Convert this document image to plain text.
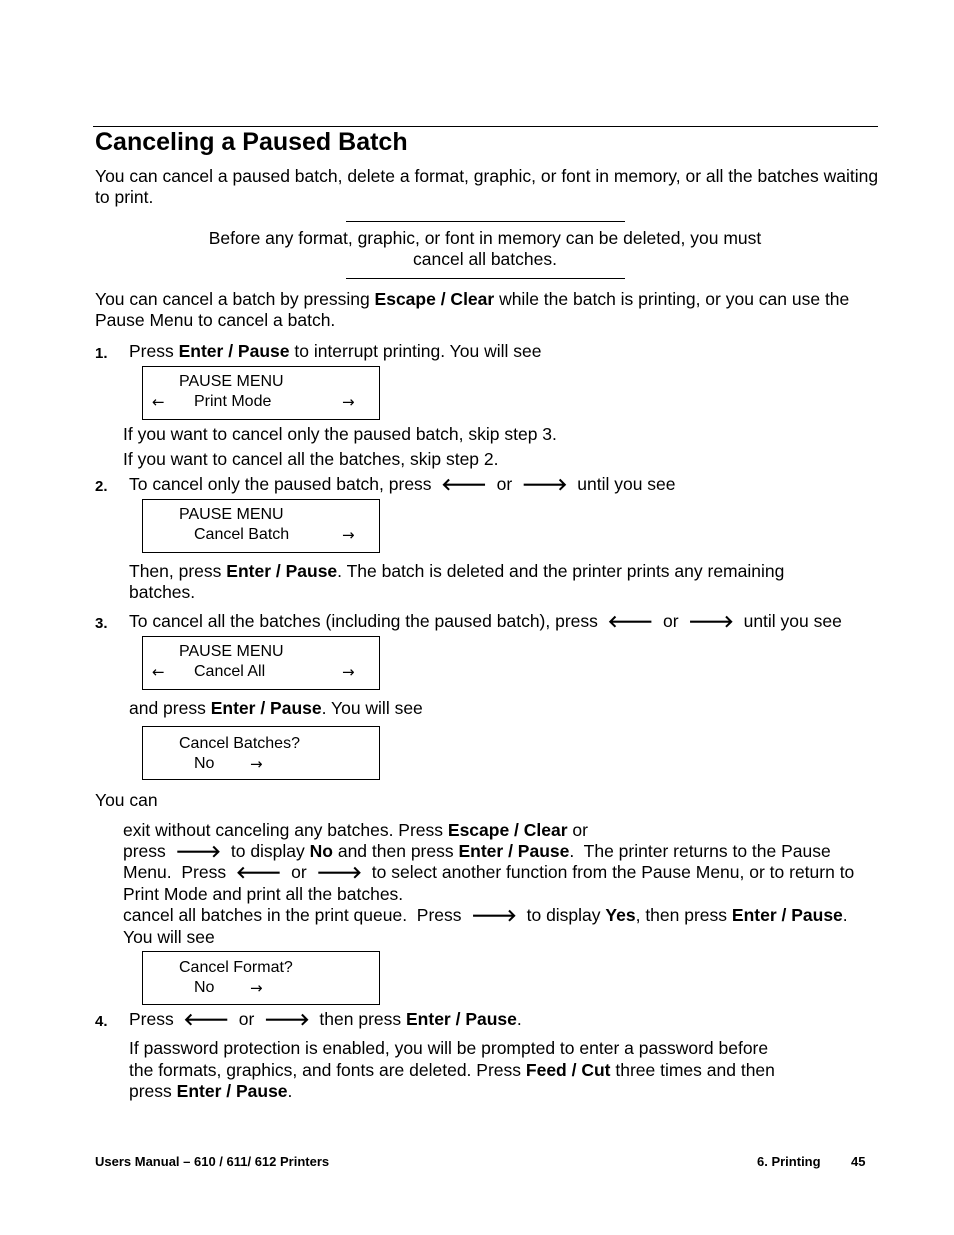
Canceling a Paused Batch

You can cancel a paused batch, delete a format, graphic, or font in memory, or all the batches waiting to print.

Before any format, graphic, or font in memory can be deleted, you must
cancel all batches.

You can cancel a batch by pressing Escape / Clear while the batch is printing, or you can use the Pause Menu to cancel a batch.

1. Press Enter / Pause to interrupt printing. You will see
PAUSE MENU
← Print Mode	→
If you want to cancel only the paused batch, skip step 3.
If you want to cancel all the batches, skip step 2.
2. To cancel only the paused batch, press 🡐 or 🡒 until you see
PAUSE MENU
Cancel Batch	→

Then, press Enter / Pause. The batch is deleted and the printer prints any remaining batches.

3. To cancel all the batches (including the paused batch), press 🡐 or 🡒 until you see
PAUSE MENU
← Cancel All	→
and press Enter / Pause. You will see
Cancel Batches?
No →
You can
exit without canceling any batches. Press Escape / Clear or
press 🡒 to display No and then press Enter / Pause.  The printer returns to the Pause
Menu.  Press 🡐 or 🡒 to select another function from the Pause Menu, or to return to
Print Mode and print all the batches.
cancel all batches in the print queue.  Press 🡒 to display Yes, then press Enter / Pause.
You will see
Cancel Format?
No →
4. Press 🡐 or 🡒 then press Enter / Pause.
If password protection is enabled, you will be prompted to enter a password before
the formats, graphics, and fonts are deleted. Press Feed / Cut three times and then
press Enter / Pause.
Users Manual – 610 / 611/ 612 Printers	6. Printing 45
